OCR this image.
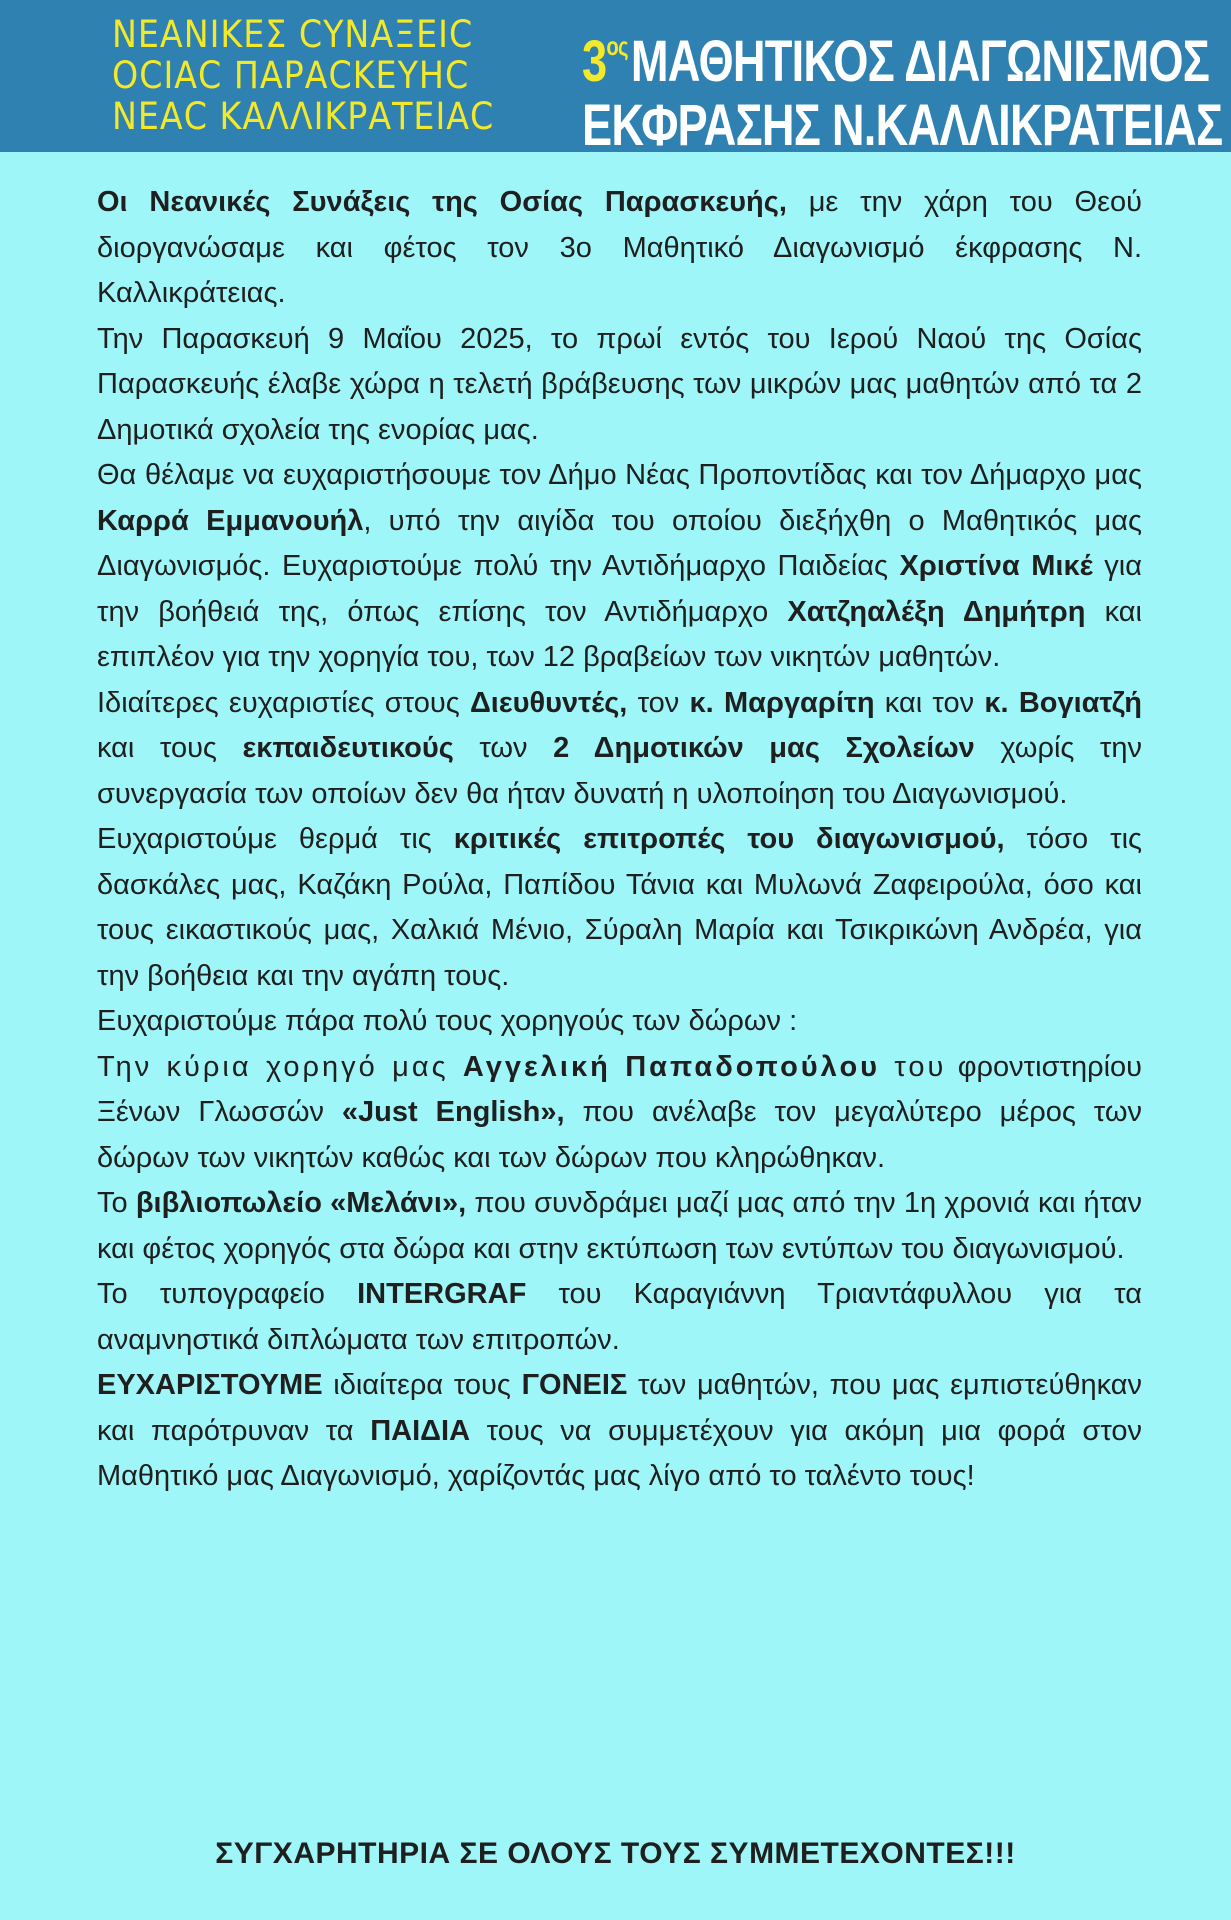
ΝΕΑΝΙΚΕΣ CΥΝΑΞΕΙC
ΟCΙΑC ΠΑΡΑCΚΕΥΗC
ΝΕΑC ΚΑΛΛΙΚΡΑΤΕΙΑC
$3^{o\varsigma}MA\Theta HTIKO\Sigma$ ΔΙΑΓΩΝΙΣΜΟΣ
ΕΚΦΡΑΣΗΣ Ν.ΚΑΛΛΙΚΡΑΤΕΙΑΣ

Οι Νεανικές Συνάξεις της Οσίας Παρασκευής, με την χάρη του Θεού διοργανώσαμε και φέτος τον 3ο Μαθητικό Διαγωνισμό έκφρασης Ν. Καλλικράτειας.

Την Παρασκευή 9 Μαΐου 2025, το πρωί εντός του Ιερού Ναού της Οσίας Παρασκευής έλαβε χώρα η τελετή βράβευσης των μικρών μας μαθητών από τα 2 Δημοτικά σχολεία της ενορίας μας.

Θα θέλαμε να ευχαριστήσουμε τον Δήμο Νέας Προποντίδας και τον Δήμαρχο μας Καρρά Εμμανουήλ, υπό την αιγίδα του οποίου διεξήχθη ο Μαθητικός μας Διαγωνισμός. Ευχαριστούμε πολύ την Αντιδήμαρχο Παιδείας Χριστίνα Μικέ για την βοήθειά της, όπως επίσης τον Αντιδήμαρχο Χατζηαλέξη Δημήτρη και επιπλέον για την χορηγία του, των 12 βραβείων των νικητών μαθητών.

Ιδιαίτερες ευχαριστίες στους Διευθυντές, τον κ. Μαργαρίτη και τον κ. Βογιατζή και τους εκπαιδευτικούς των 2 Δημοτικών μας Σχολείων χωρίς την συνεργασία των οποίων δεν θα ήταν δυνατή η υλοποίηση του Διαγωνισμού.

Ευχαριστούμε θερμά τις κριτικές επιτροπές του διαγωνισμού, τόσο τις δασκάλες μας, Καζάκη Ρούλα, Παπίδου Τάνια και Μυλωνά Ζαφειρούλα, όσο και τους εικαστικούς μας, Χαλκιά Μένιο, Σύραλη Μαρία και Τσικρικώνη Ανδρέα, για την βοήθεια και την αγάπη τους.

Ευχαριστούμε πάρα πολύ τους χορηγούς των δώρων :

Την κύρια χορηγό μας Αγγελική Παπαδοπούλου του φροντιστηρίου Ξένων Γλωσσών «Just English», που ανέλαβε τον μεγαλύτερο μέρος των δώρων των νικητών καθώς και των δώρων που κληρώθηκαν.

Το βιβλιοπωλείο «Μελάνι», που συνδράμει μαζί μας από την 1η χρονιά και ήταν και φέτος χορηγός στα δώρα και στην εκτύπωση των εντύπων του διαγωνισμού.

Το τυπογραφείο INTERGRAF του Καραγιάννη Τριαντάφυλλου για τα αναμνηστικά διπλώματα των επιτροπών.

ΕΥΧΑΡΙΣΤΟΥΜΕ ιδιαίτερα τους ΓΟΝΕΙΣ των μαθητών, που μας εμπιστεύθηκαν και παρότρυναν τα ΠΑΙΔΙΑ τους να συμμετέχουν για ακόμη μια φορά στον Μαθητικό μας Διαγωνισμό, χαρίζοντάς μας λίγο από το ταλέντο τους!

ΣΥΓΧΑΡΗΤΗΡΙΑ ΣΕ ΟΛΟΥΣ ΤΟΥΣ ΣΥΜΜΕΤΕΧΟΝΤΕΣ!!!
